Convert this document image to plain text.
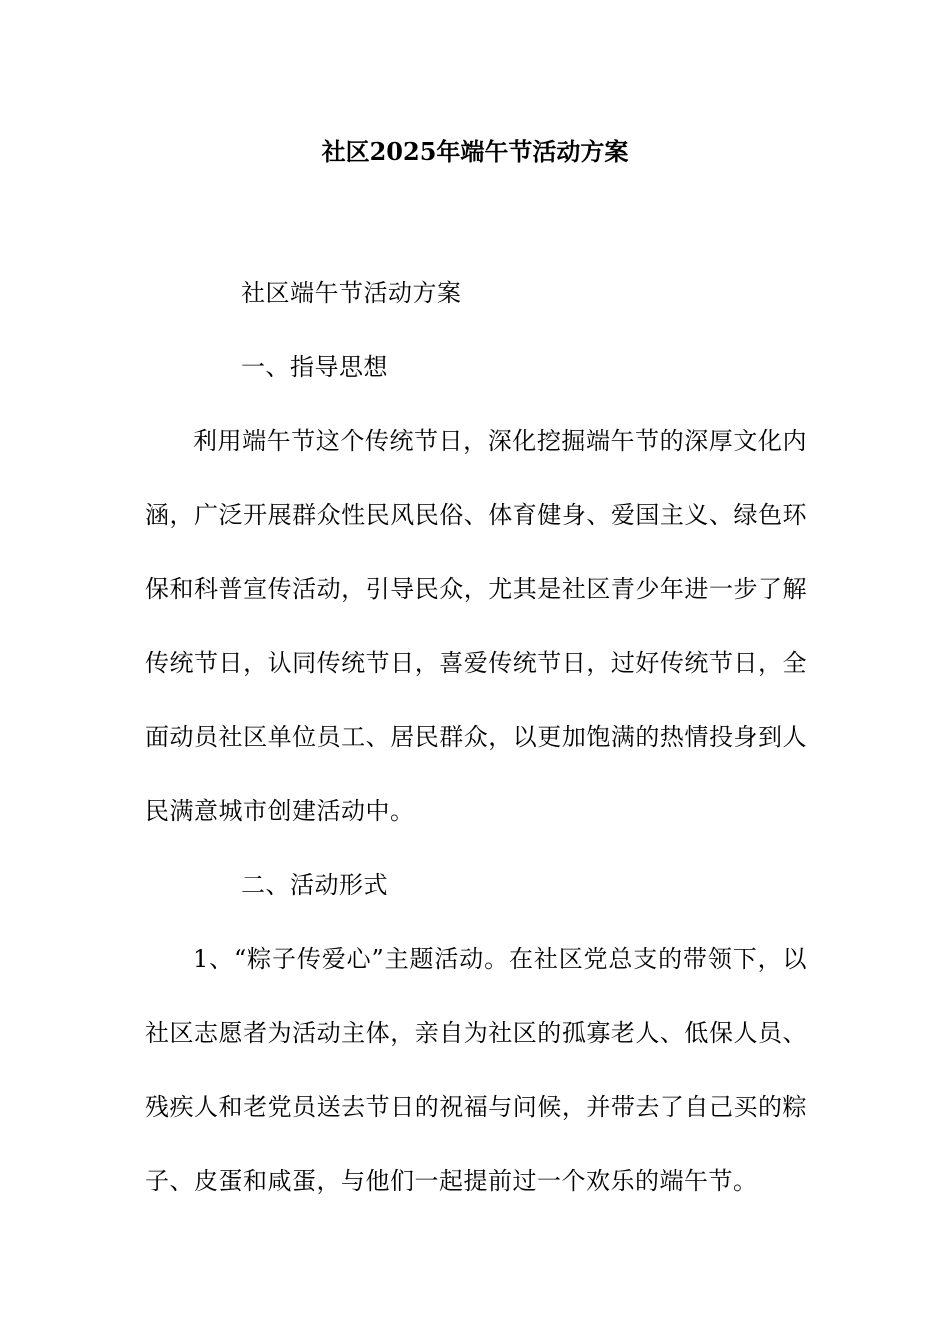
社区2025年端午节活动方案

社区端午节活动方案

一、指导思想

利用端午节这个传统节日，深化挖掘端午节的深厚文化内涵，广泛开展群众性民风民俗、体育健身、爱国主义、绿色环保和科普宣传活动，引导民众，尤其是社区青少年进一步了解传统节日，认同传统节日，喜爱传统节日，过好传统节日，全面动员社区单位员工、居民群众，以更加饱满的热情投身到人民满意城市创建活动中。

二、活动形式

1、“粽子传爱心”主题活动。在社区党总支的带领下，以社区志愿者为活动主体，亲自为社区的孤寡老人、低保人员、残疾人和老党员送去节日的祝福与问候，并带去了自己买的粽子、皮蛋和咸蛋，与他们一起提前过一个欢乐的端午节。
